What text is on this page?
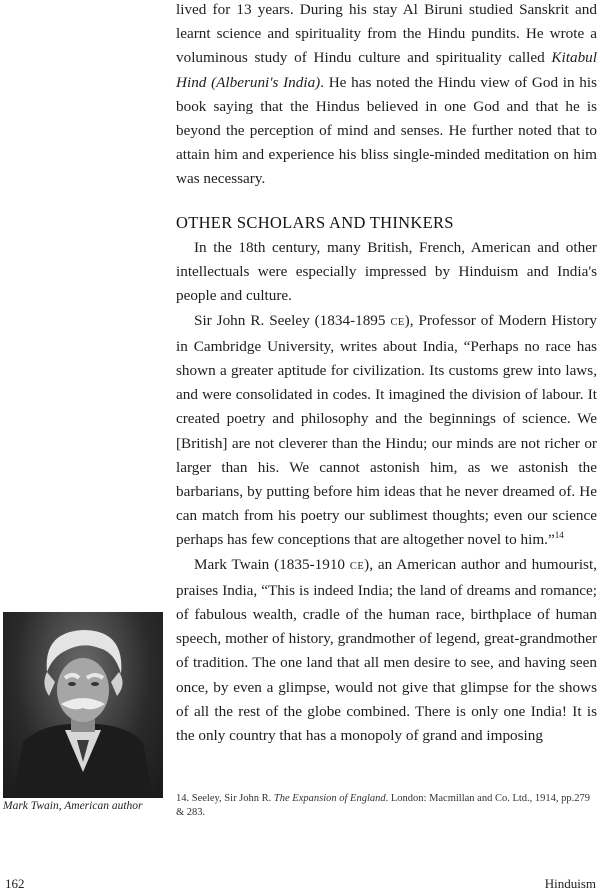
lived for 13 years. During his stay Al Biruni studied Sanskrit and learnt science and spirituality from the Hindu pundits. He wrote a voluminous study of Hindu culture and spirituality called Kitabul Hind (Alberuni's India). He has noted the Hindu view of God in his book saying that the Hindus believed in one God and that he is beyond the perception of mind and senses. He further noted that to attain him and experience his bliss single-minded meditation on him was necessary.

OTHER SCHOLARS AND THINKERS

In the 18th century, many British, French, American and other intellectuals were especially impressed by Hinduism and India's people and culture.

Sir John R. Seeley (1834-1895 CE), Professor of Modern History in Cambridge University, writes about India, “Perhaps no race has shown a greater aptitude for civilization. Its customs grew into laws, and were consolidated in codes. It imagined the division of labour. It created poetry and philosophy and the beginnings of science. We [British] are not cleverer than the Hindu; our minds are not richer or larger than his. We cannot astonish him, as we astonish the barbarians, by putting before him ideas that he never dreamed of. He can match from his poetry our sublimest thoughts; even our science perhaps has few conceptions that are altogether novel to him.”$^{14}$

Mark Twain (1835-1910 CE), an American author and humourist, praises India, “This is indeed India; the land of dreams and romance; of fabulous wealth, cradle of the human race, birthplace of human speech, mother of history, grandmother of legend, great-grandmother of tradition. The one land that all men desire to see, and having seen once, by even a glimpse, would not give that glimpse for the shows of all the rest of the globe combined. There is only one India! It is the only country that has a monopoly of grand and imposing

Mark Twain, American author

14. Seeley, Sir John R. The Expansion of England. London: Macmillan and Co. Ltd., 1914, pp.279 & 283.

162	Hinduism
